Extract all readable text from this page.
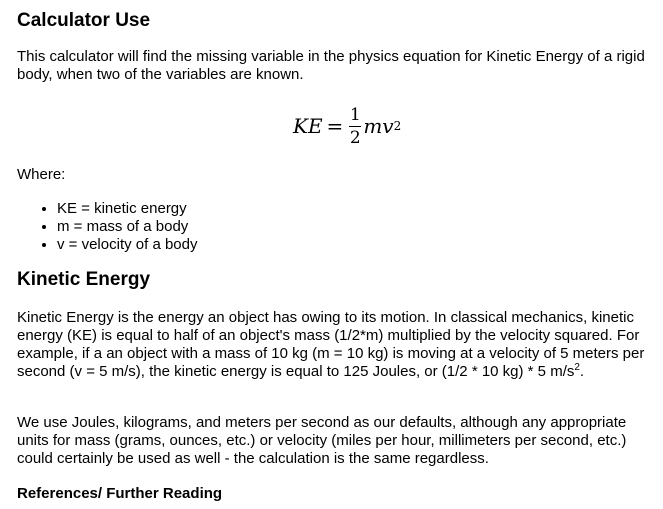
Calculator Use

This calculator will find the missing variable in the physics equation for Kinetic Energy of a rigid body, when two of the variables are known.

KE = $\frac{1}{2}$ mv 2

Where:

• KE = kinetic energy
• m = mass of a body
• v = velocity of a body
Kinetic Energy

Kinetic Energy is the energy an object has owing to its motion. In classical mechanics, kinetic energy (KE) is equal to half of an object's mass (1/2*m) multiplied by the velocity squared. For example, if a an object with a mass of 10 kg (m = 10 kg) is moving at a velocity of 5 meters per second (v = 5 m/s), the kinetic energy is equal to 125 Joules, or (1/2 * 10 kg) * 5 $m/s^2$.

We use Joules, kilograms, and meters per second as our defaults, although any appropriate units for mass (grams, ounces, etc.) or velocity (miles per hour, millimeters per second, etc.) could certainly be used as well - the calculation is the same regardless.

References/ Further Reading
